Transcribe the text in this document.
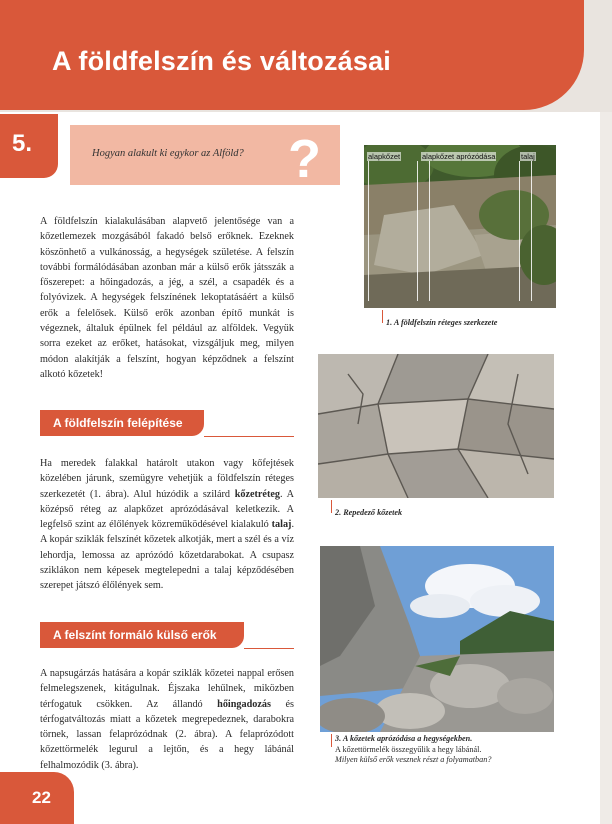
A földfelszín és változásai
5.	Hogyan alakult ki egykor az Alföld? ?

A földfelszín kialakulásában alapvető jelentősége van a kőzetlemezek mozgásából fakadó belső erőknek. Ezeknek köszönhető a vulkánosság, a hegységek születése. A felszín további formálódásában azonban már a külső erők játsszák a főszerepet: a hőingadozás, a jég, a szél, a csapadék és a folyóvizek. A hegységek felszínének lekoptatásáért a külső erők a felelősek. Külső erők azonban építő munkát is végeznek, általuk épülnek fel például az alföldek. Vegyük sorra ezeket az erőket, hatásokat, vizsgáljuk meg, milyen módon alakítják a felszínt, hogyan képződnek a felszínt alkotó kőzetek!

A földfelszín felépítése

Ha meredek falakkal határolt utakon vagy kőfejtések közelében járunk, szemügyre vehetjük a földfelszín réteges szerkezetét (1. ábra). Alul húzódik a szilárd kőzetréteg. A középső réteg az alapkőzet aprózódásával keletkezik. A legfelső szint az élőlények közreműködésével kialakuló talaj. A kopár sziklák felszínét kőzetek alkotják, mert a szél és a víz lehordja, lemossa az aprózódó kőzetdarabokat. A csupasz sziklákon nem képesek megtelepedni a talaj képződésében szerepet játszó élőlények sem.

A felszínt formáló külső erők

A napsugárzás hatására a kopár sziklák kőzetei nappal erősen felmelegszenek, kitágulnak. Éjszaka lehűlnek, miközben térfogatuk csökken. Az állandó hőingadozás és térfogatváltozás miatt a kőzetek megrepedeznek, darabokra törnek, lassan felaprózódnak (2. ábra). A felaprózódott kőzettörmelék legurul a lejtőn, és a hegy lábánál felhalmozódik (3. ábra).

alapkőzet	alapkőzet aprózódása	talaj
1. A földfelszín réteges szerkezete
2. Repedező kőzetek
3. A kőzetek aprózódása a hegységekben.
A kőzettörmelék összegyűlik a hegy lábánál.
Milyen külső erők vesznek részt a folyamatban?
22
